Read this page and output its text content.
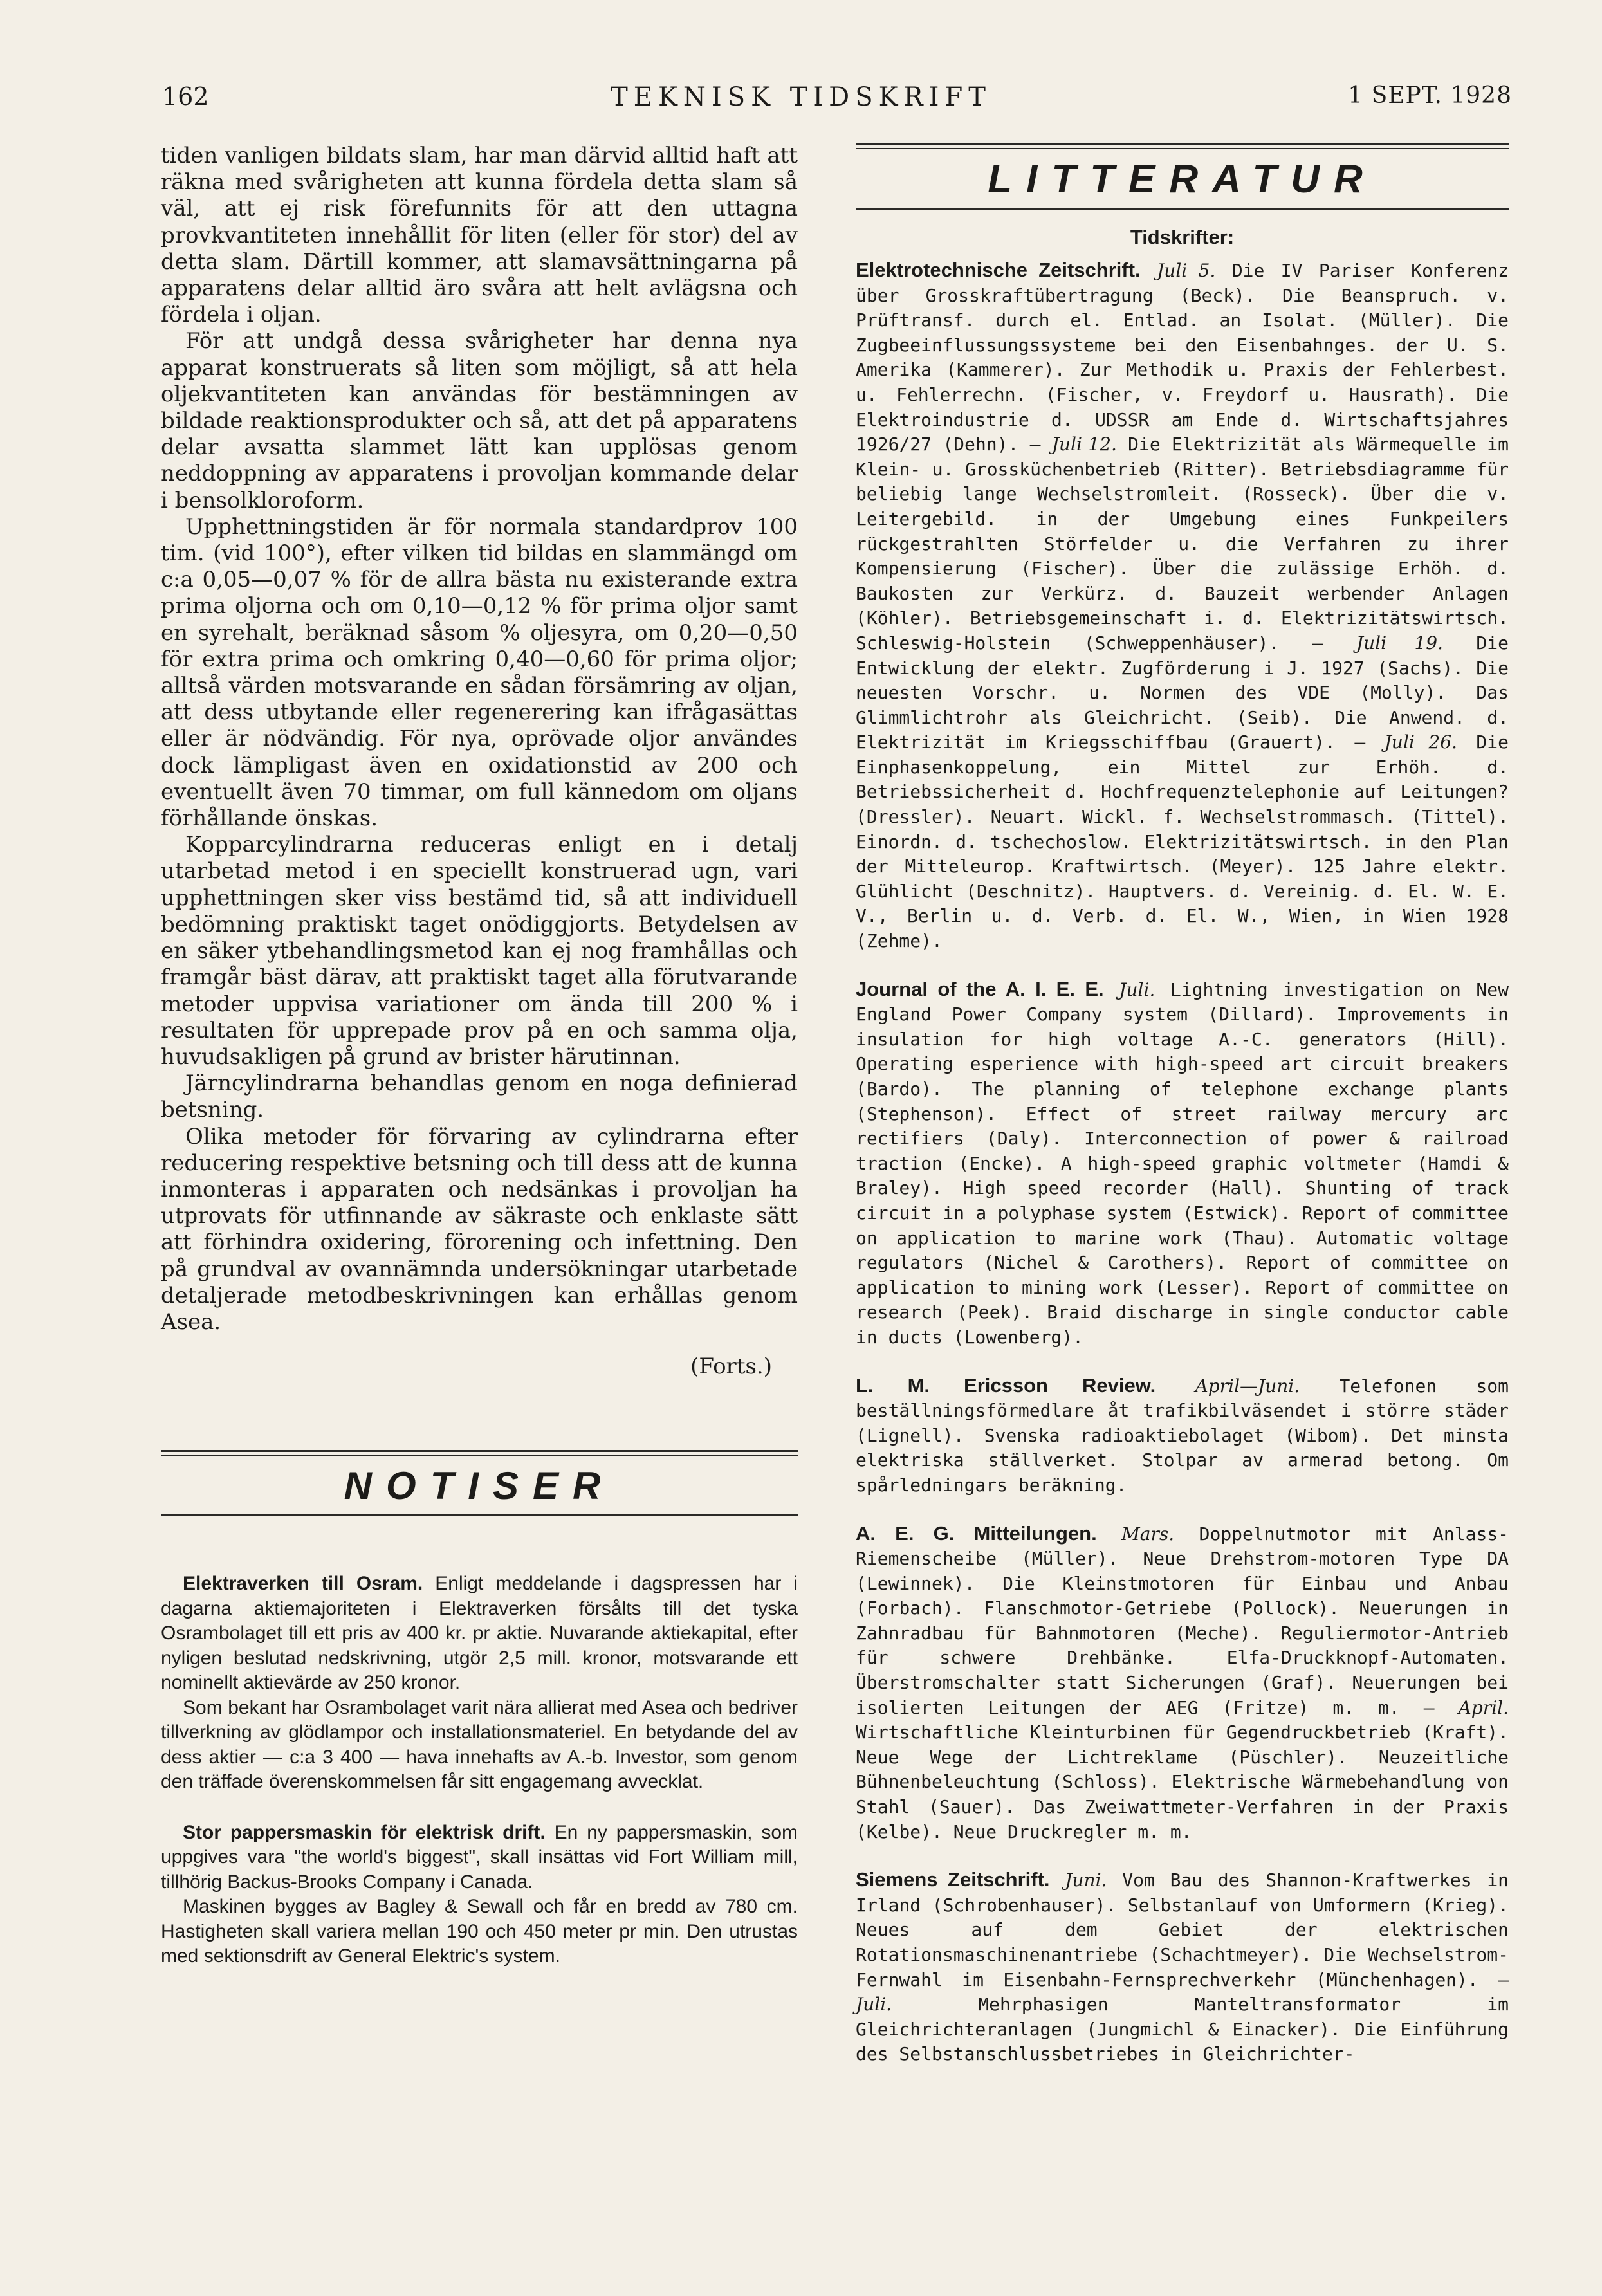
162	TEKNISK TIDSKRIFT	1 SEPT. 1928

tiden vanligen bildats slam, har man därvid alltid haft att räkna med svårigheten att kunna fördela detta slam så väl, att ej risk förefunnits för att den uttagna provkvantiteten innehållit för liten (eller för stor) del av detta slam. Därtill kommer, att slamavsättningarna på apparatens delar alltid äro svåra att helt avlägsna och fördela i oljan.

För att undgå dessa svårigheter har denna nya apparat konstruerats så liten som möjligt, så att hela oljekvantiteten kan användas för bestämningen av bildade reaktionsprodukter och så, att det på apparatens delar avsatta slammet lätt kan upplösas genom neddoppning av apparatens i provoljan kommande delar i bensolkloroform.

Upphettningstiden är för normala standardprov 100 tim. (vid 100°), efter vilken tid bildas en slammängd om c:a 0,05—0,07 % för de allra bästa nu existerande extra prima oljorna och om 0,10—0,12 % för prima oljor samt en syrehalt, beräknad såsom % oljesyra, om 0,20—0,50 för extra prima och omkring 0,40—0,60 för prima oljor; alltså värden motsvarande en sådan försämring av oljan, att dess utbytande eller regenerering kan ifrågasättas eller är nödvändig. För nya, oprövade oljor användes dock lämpligast även en oxidationstid av 200 och eventuellt även 70 timmar, om full kännedom om oljans förhållande önskas.

Kopparcylindrarna reduceras enligt en i detalj utarbetad metod i en speciellt konstruerad ugn, vari upphettningen sker viss bestämd tid, så att individuell bedömning praktiskt taget onödiggjorts. Betydelsen av en säker ytbehandlingsmetod kan ej nog framhållas och framgår bäst därav, att praktiskt taget alla förutvarande metoder uppvisa variationer om ända till 200 % i resultaten för upprepade prov på en och samma olja, huvudsakligen på grund av brister härutinnan.

Järncylindrarna behandlas genom en noga definierad betsning.

Olika metoder för förvaring av cylindrarna efter reducering respektive betsning och till dess att de kunna inmonteras i apparaten och nedsänkas i provoljan ha utprovats för utfinnande av säkraste och enklaste sätt att förhindra oxidering, förorening och infettning. Den på grundval av ovannämnda undersökningar utarbetade detaljerade metodbeskrivningen kan erhållas genom Asea.

(Forts.)

NOTISER

Elektraverken till Osram. Enligt meddelande i dagspressen har i dagarna aktiemajoriteten i Elektraverken försålts till det tyska Osrambolaget till ett pris av 400 kr. pr aktie. Nuvarande aktiekapital, efter nyligen beslutad nedskrivning, utgör 2,5 mill. kronor, motsvarande ett nominellt aktievärde av 250 kronor.

Som bekant har Osrambolaget varit nära allierat med Asea och bedriver tillverkning av glödlampor och installationsmateriel. En betydande del av dess aktier — c:a 3 400 — hava innehafts av A.-b. Investor, som genom den träffade överenskommelsen får sitt engagemang avvecklat.

Stor pappersmaskin för elektrisk drift. En ny pappersmaskin, som uppgives vara "the world's biggest", skall insättas vid Fort William mill, tillhörig Backus-Brooks Company i Canada.

Maskinen bygges av Bagley & Sewall och får en bredd av 780 cm. Hastigheten skall variera mellan 190 och 450 meter pr min. Den utrustas med sektionsdrift av General Elektric's system.

LITTERATUR
Tidskrifter:

Elektrotechnische Zeitschrift. Juli 5. Die IV Pariser Konferenz über Grosskraftübertragung (Beck). Die Beanspruch. v. Prüftransf. durch el. Entlad. an Isolat. (Müller). Die Zugbeeinflussungssysteme bei den Eisenbahnges. der U. S. Amerika (Kammerer). Zur Methodik u. Praxis der Fehlerbest. u. Fehlerrechn. (Fischer, v. Freydorf u. Hausrath). Die Elektroindustrie d. UDSSR am Ende d. Wirtschaftsjahres 1926/27 (Dehn). — Juli 12. Die Elektrizität als Wärmequelle im Klein- u. Grossküchenbetrieb (Ritter). Betriebsdiagramme für beliebig lange Wechselstromleit. (Rosseck). Über die v. Leitergebild. in der Umgebung eines Funkpeilers rückgestrahlten Störfelder u. die Verfahren zu ihrer Kompensierung (Fischer). Über die zulässige Erhöh. d. Baukosten zur Verkürz. d. Bauzeit werbender Anlagen (Köhler). Betriebsgemeinschaft i. d. Elektrizitätswirtsch. Schleswig-Holstein (Schweppenhäuser). — Juli 19. Die Entwicklung der elektr. Zugförderung i J. 1927 (Sachs). Die neuesten Vorschr. u. Normen des VDE (Molly). Das Glimmlichtrohr als Gleichricht. (Seib). Die Anwend. d. Elektrizität im Kriegsschiffbau (Grauert). — Juli 26. Die Einphasenkoppelung, ein Mittel zur Erhöh. d. Betriebssicherheit d. Hochfrequenztelephonie auf Leitungen? (Dressler). Neuart. Wickl. f. Wechselstrommasch. (Tittel). Einordn. d. tschechoslow. Elektrizitätswirtsch. in den Plan der Mitteleurop. Kraftwirtsch. (Meyer). 125 Jahre elektr. Glühlicht (Deschnitz). Hauptvers. d. Vereinig. d. El. W. E. V., Berlin u. d. Verb. d. El. W., Wien, in Wien 1928 (Zehme).

Journal of the A. I. E. E. Juli. Lightning investigation on New England Power Company system (Dillard). Improvements in insulation for high voltage A.-C. generators (Hill). Operating esperience with high-speed art circuit breakers (Bardo). The planning of telephone exchange plants (Stephenson). Effect of street railway mercury arc rectifiers (Daly). Interconnection of power & railroad traction (Encke). A high-speed graphic voltmeter (Hamdi & Braley). High speed recorder (Hall). Shunting of track circuit in a polyphase system (Estwick). Report of committee on application to marine work (Thau). Automatic voltage regulators (Nichel & Carothers). Report of committee on application to mining work (Lesser). Report of committee on research (Peek). Braid discharge in single conductor cable in ducts (Lowenberg).

L. M. Ericsson Review. April—Juni. Telefonen som beställningsförmedlare åt trafikbilväsendet i större städer (Lignell). Svenska radioaktiebolaget (Wibom). Det minsta elektriska ställverket. Stolpar av armerad betong. Om spårledningars beräkning.

A. E. G. Mitteilungen. Mars. Doppelnutmotor mit Anlass-Riemenscheibe (Müller). Neue Drehstrom-motoren Type DA (Lewinnek). Die Kleinstmotoren für Einbau und Anbau (Forbach). Flanschmotor-Getriebe (Pollock). Neuerungen in Zahnradbau für Bahnmotoren (Meche). Reguliermotor-Antrieb für schwere Drehbänke. Elfa-Druckknopf-Automaten. Überstromschalter statt Sicherungen (Graf). Neuerungen bei isolierten Leitungen der AEG (Fritze) m. m. — April. Wirtschaftliche Kleinturbinen für Gegendruckbetrieb (Kraft). Neue Wege der Lichtreklame (Püschler). Neuzeitliche Bühnenbeleuchtung (Schloss). Elektrische Wärmebehandlung von Stahl (Sauer). Das Zweiwattmeter-Verfahren in der Praxis (Kelbe). Neue Druckregler m. m.

Siemens Zeitschrift. Juni. Vom Bau des Shannon-Kraftwerkes in Irland (Schrobenhauser). Selbstanlauf von Umformern (Krieg). Neues auf dem Gebiet der elektrischen Rotationsmaschinenantriebe (Schachtmeyer). Die Wechselstrom-Fernwahl im Eisenbahn-Fernsprechverkehr (Münchenhagen). — Juli.	Mehrphasigen Manteltransformator im Gleichrichteranlagen (Jungmichl & Einacker). Die Einführung des Selbstanschlussbetriebes in Gleichrichter-
